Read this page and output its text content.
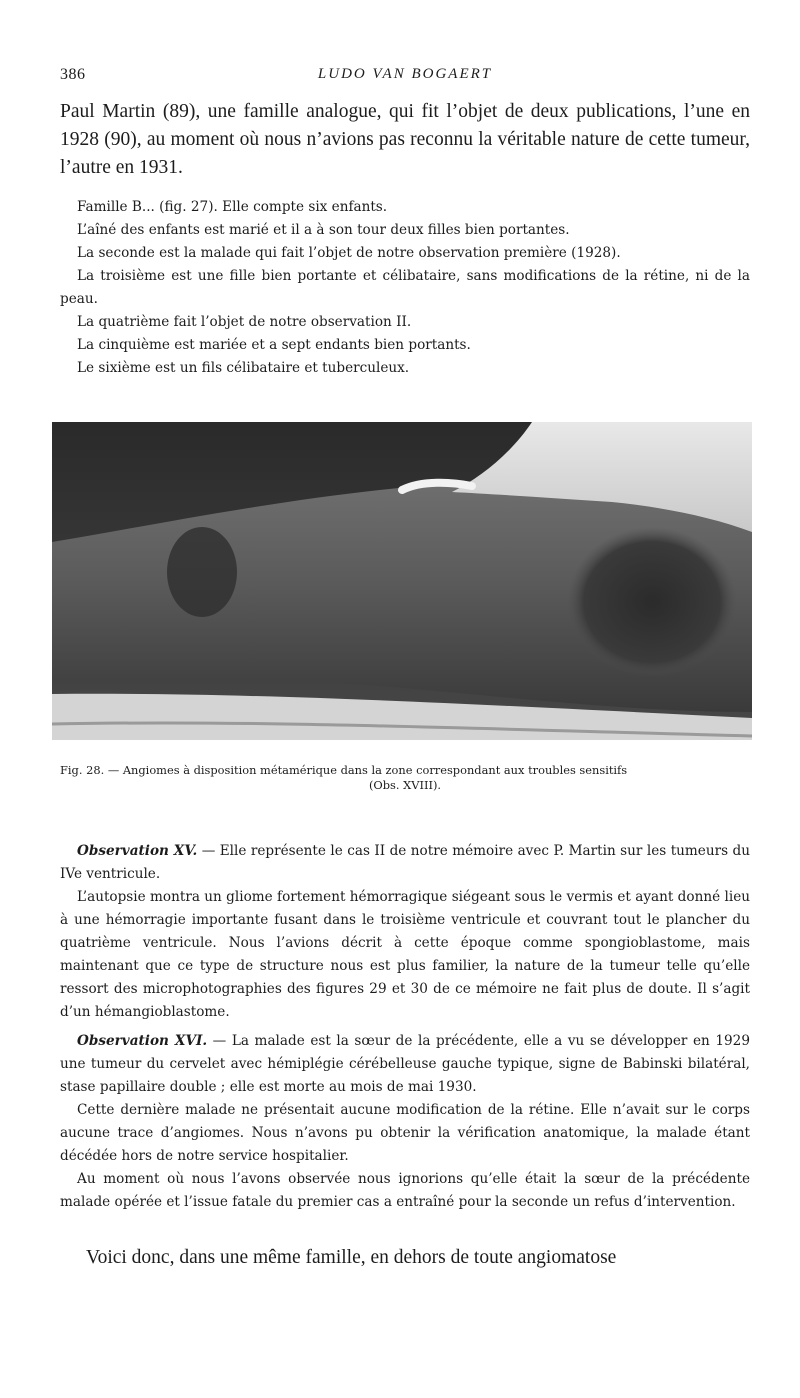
386	LUDO VAN BOGAERT
Paul Martin (89), une famille analogue, qui fit l’objet de deux publications, l’une en 1928 (90), au moment où nous n’avions pas reconnu la véritable nature de cette tumeur, l’autre en 1931.

Famille B... (fig. 27). Elle compte six enfants.

L’aîné des enfants est marié et il a à son tour deux filles bien portantes.

La seconde est la malade qui fait l’objet de notre observation première (1928).

La troisième est une fille bien portante et célibataire, sans modifications de la rétine, ni de la peau.

La quatrième fait l’objet de notre observation II.

La cinquième est mariée et a sept endants bien portants.

Le sixième est un fils célibataire et tuberculeux.

Fig. 28. — Angiomes à disposition métamérique dans la zone correspondant aux troubles sensitifs
(Obs. XVIII).

Observation XV. — Elle représente le cas II de notre mémoire avec P. Martin sur les tumeurs du IVe ventricule.

L’autopsie montra un gliome fortement hémorragique siégeant sous le vermis et ayant donné lieu à une hémorragie importante fusant dans le troisième ventricule et couvrant tout le plancher du quatrième ventricule. Nous l’avions décrit à cette époque comme spongioblastome, mais maintenant que ce type de structure nous est plus familier, la nature de la tumeur telle qu’elle ressort des microphotographies des figures 29 et 30 de ce mémoire ne fait plus de doute. Il s’agit d’un hémangioblastome.

Observation XVI. — La malade est la sœur de la précédente, elle a vu se développer en 1929 une tumeur du cervelet avec hémiplégie cérébelleuse gauche typique, signe de Babinski bilatéral, stase papillaire double ; elle est morte au mois de mai 1930.

Cette dernière malade ne présentait aucune modification de la rétine. Elle n’avait sur le corps aucune trace d’angiomes. Nous n’avons pu obtenir la vérification anatomique, la malade étant décédée hors de notre service hospitalier.

Au moment où nous l’avons observée nous ignorions qu’elle était la sœur de la précédente malade opérée et l’issue fatale du premier cas a entraîné pour la seconde un refus d’intervention.

Voici donc, dans une même famille, en dehors de toute angiomatose
